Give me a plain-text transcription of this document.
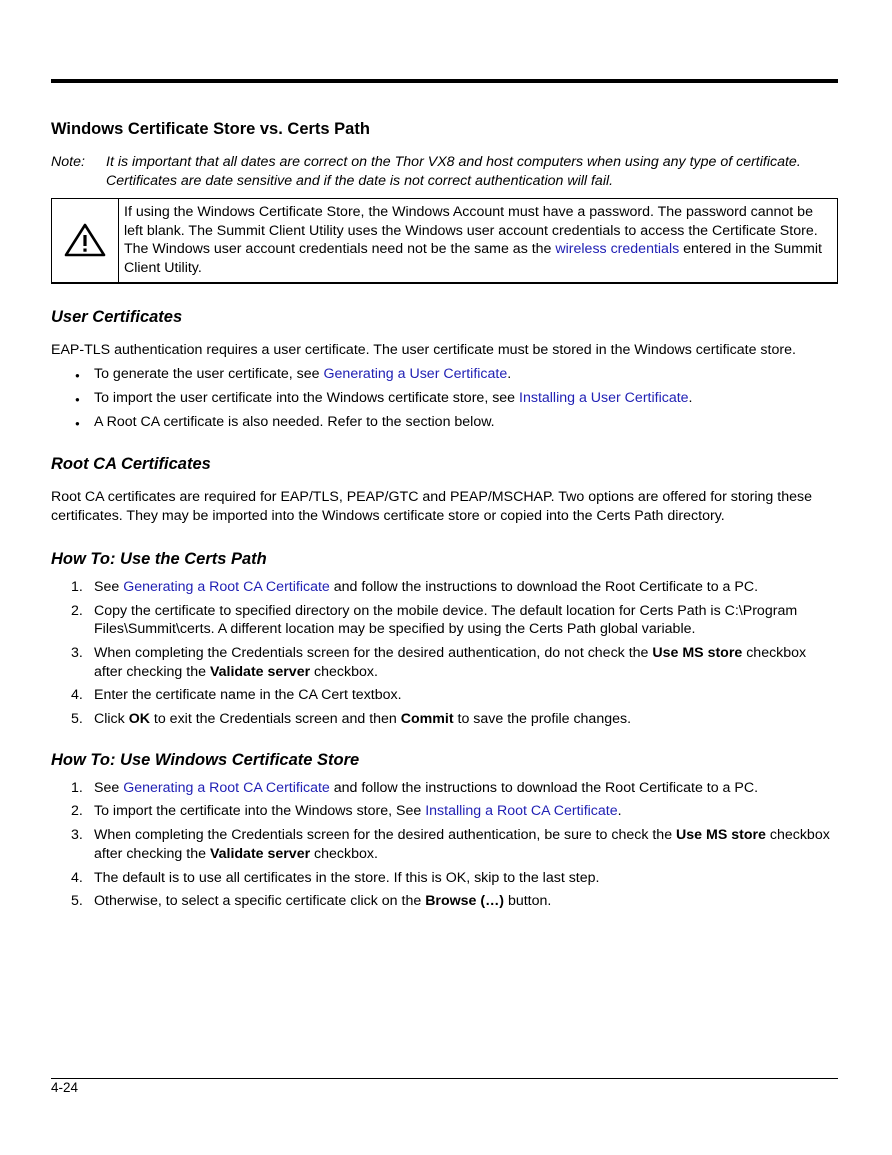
Windows Certificate Store vs. Certs Path
Note:	It is important that all dates are correct on the Thor VX8 and host computers when using any type of certificate. Certificates are date sensitive and if the date is not correct authentication will fail.
If using the Windows Certificate Store, the Windows Account must have a password. The password cannot be left blank. The Summit Client Utility uses the Windows user account credentials to access the Certificate Store. The Windows user account credentials need not be the same as the wireless credentials entered in the Summit Client Utility.
User Certificates

EAP-TLS authentication requires a user certificate. The user certificate must be stored in the Windows certificate store.

● To generate the user certificate, see Generating a User Certificate.
● To import the user certificate into the Windows certificate store, see Installing a User Certificate.
● A Root CA certificate is also needed. Refer to the section below.
Root CA Certificates

Root CA certificates are required for EAP/TLS, PEAP/GTC and PEAP/MSCHAP. Two options are offered for storing these certificates. They may be imported into the Windows certificate store or copied into the Certs Path directory.

How To: Use the Certs Path
1. See Generating a Root CA Certificate and follow the instructions to download the Root Certificate to a PC.
2. Copy the certificate to specified directory on the mobile device. The default location for Certs Path is C:\Program Files\Summit\certs. A different location may be specified by using the Certs Path global variable.
3. When completing the Credentials screen for the desired authentication, do not check the Use MS store checkbox after checking the Validate server checkbox.
4. Enter the certificate name in the CA Cert textbox.
5. Click OK to exit the Credentials screen and then Commit to save the profile changes.
How To: Use Windows Certificate Store
1. See Generating a Root CA Certificate and follow the instructions to download the Root Certificate to a PC.
2. To import the certificate into the Windows store, See Installing a Root CA Certificate.
3. When completing the Credentials screen for the desired authentication, be sure to check the Use MS store checkbox after checking the Validate server checkbox.
4. The default is to use all certificates in the store. If this is OK, skip to the last step.
5. Otherwise, to select a specific certificate click on the Browse (…) button.
4-24
